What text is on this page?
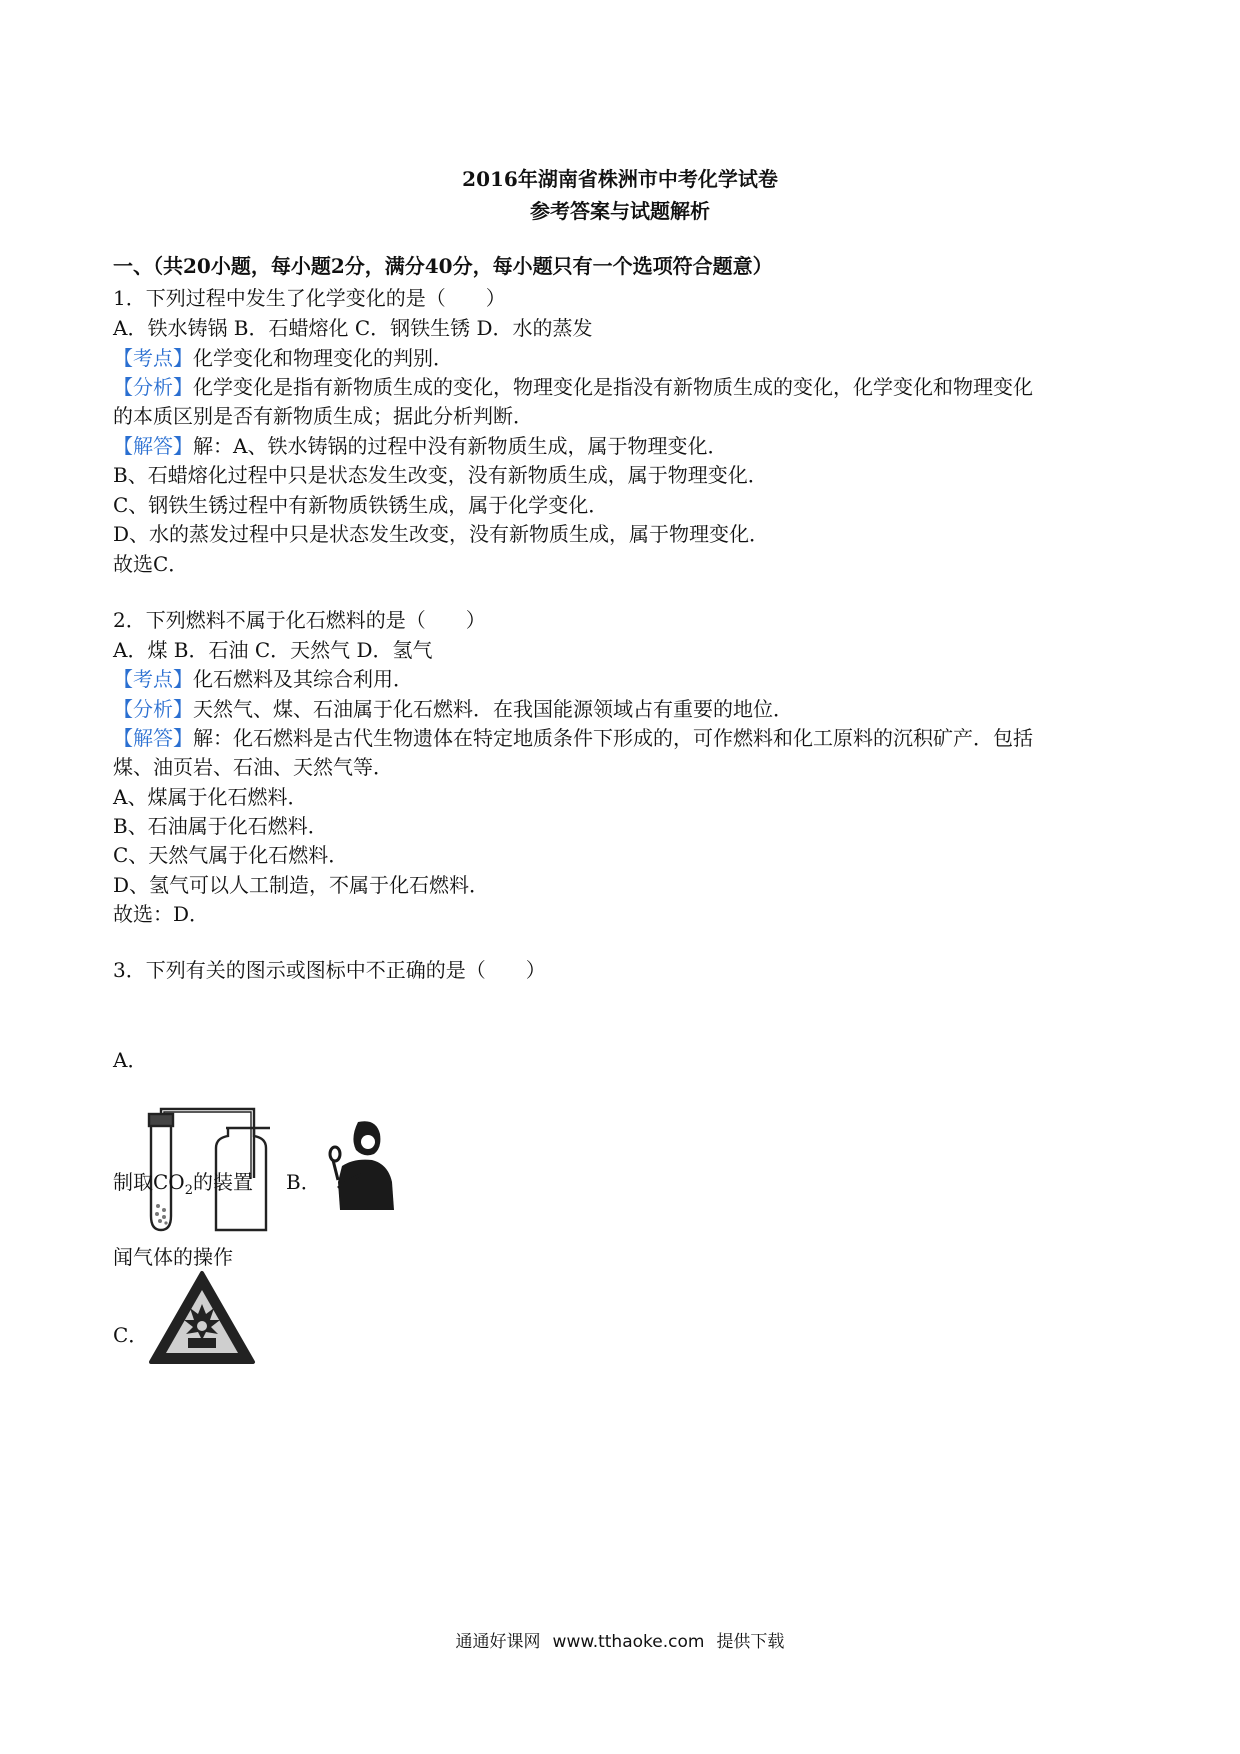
2016年湖南省株洲市中考化学试卷
参考答案与试题解析
一、（共20小题，每小题2分，满分40分，每小题只有一个选项符合题意）
1．下列过程中发生了化学变化的是（　　）
A．铁水铸锅 B．石蜡熔化 C．钢铁生锈 D．水的蒸发
【 考点 】 化学变化和物理变化的判别．
【 分析 】 化学变化是指有新物质生成的变化，物理变化是指没有新物质生成的变化，化学变化和物理变化
的本质区别是否有新物质生成；据此分析判断．
【 解答 】 解：A、铁水铸锅的过程中没有新物质生成，属于物理变化．
B、石蜡熔化过程中只是状态发生改变，没有新物质生成，属于物理变化．
C、钢铁生锈过程中有新物质铁锈生成，属于化学变化．
D、水的蒸发过程中只是状态发生改变，没有新物质生成，属于物理变化．
故选C．
2．下列燃料不属于化石燃料的是（　　）
A．煤 B．石油 C．天然气 D．氢气
【 考点 】 化石燃料及其综合利用．
【 分析 】 天然气、煤、石油属于化石燃料．在我国能源领域占有重要的地位．
【 解答 】 解：化石燃料是古代生物遗体在特定地质条件下形成的，可作燃料和化工原料的沉积矿产．包括
煤、油页岩、石油、天然气等．
A、煤属于化石燃料．
B、石油属于化石燃料．
C、天然气属于化石燃料．
D、氢气可以人工制造，不属于化石燃料．
故选：D．
3．下列有关的图示或图标中不正确的是（　　）
A．
制取$CO_2$的装置 B．
闻气体的操作
C．
通通好课网 www.tthaoke.com 提供下载
